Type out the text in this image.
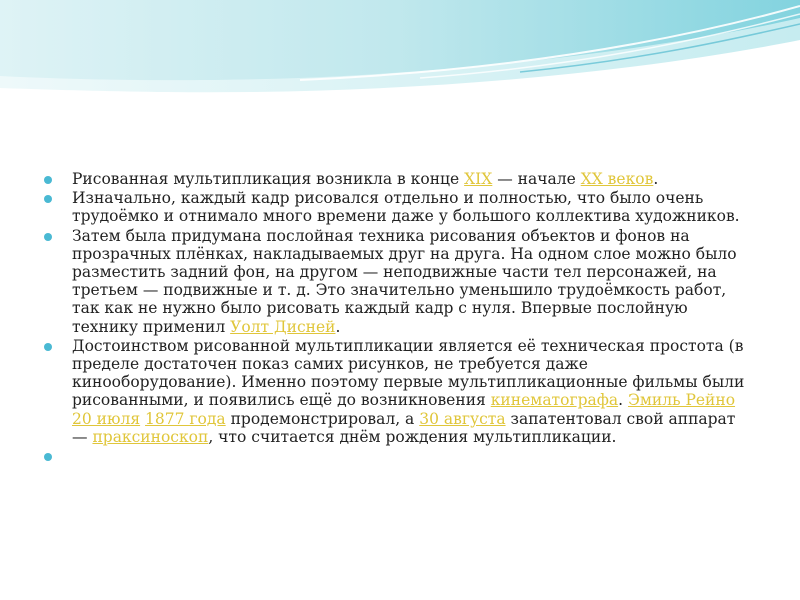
Рисованная мультипликация возникла в конце XIX — начале XX веков.
Изначально, каждый кадр рисовался отдельно и полностью, что было очень трудоёмко и отнимало много времени даже у большого коллектива художников.
Затем была придумана послойная техника рисования объектов и фонов на прозрачных плёнках, накладываемых друг на друга. На одном слое можно было разместить задний фон, на другом — неподвижные части тел персонажей, на третьем — подвижные и т. д. Это значительно уменьшило трудоёмкость работ, так как не нужно было рисовать каждый кадр с нуля. Впервые послойную технику применил Уолт Дисней.
Достоинством рисованной мультипликации является её техническая простота (в пределе достаточен показ самих рисунков, не требуется даже кинооборудование). Именно поэтому первые мультипликационные фильмы были рисованными, и появились ещё до возникновения кинематографа. Эмиль Рейно 20 июля 1877 года продемонстрировал, а 30 августа запатентовал свой аппарат — праксиноскоп, что считается днём рождения мультипликации.
